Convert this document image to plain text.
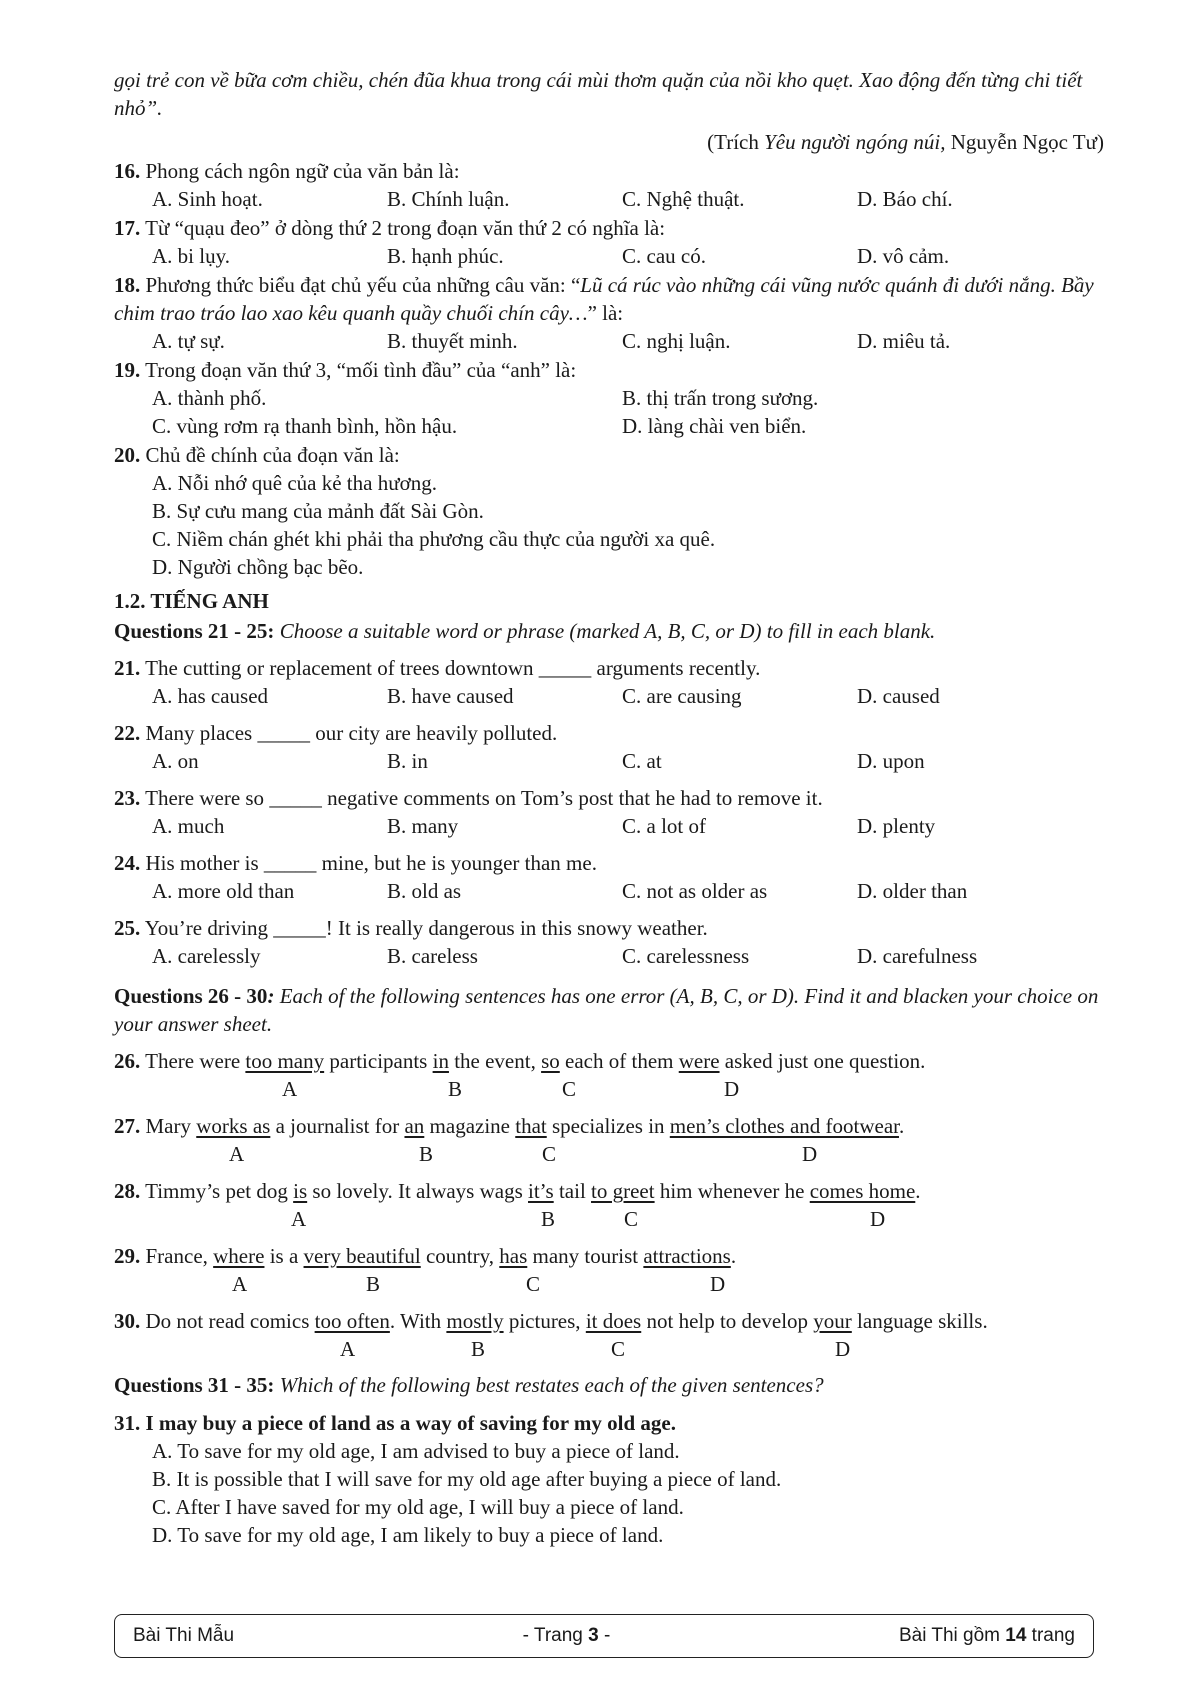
gọi trẻ con về bữa cơm chiều, chén đũa khua trong cái mùi thơm quặn của nồi kho quẹt. Xao động đến từng chi tiết nhỏ”.

(Trích Yêu người ngóng núi, Nguyễn Ngọc Tư)

16. Phong cách ngôn ngữ của văn bản là:
A. Sinh hoạt.	B. Chính luận.	C. Nghệ thuật.	D. Báo chí.
17. Từ “quạu đeo” ở dòng thứ 2 trong đoạn văn thứ 2 có nghĩa là:
A. bi lụy.	B. hạnh phúc.	C. cau có.	D. vô cảm.
18. Phương thức biểu đạt chủ yếu của những câu văn: “Lũ cá rúc vào những cái vũng nước quánh đi dưới nắng. Bầy chim trao tráo lao xao kêu quanh quầy chuối chín cây…” là:
A. tự sự.	B. thuyết minh.	C. nghị luận.	D. miêu tả.
19. Trong đoạn văn thứ 3, “mối tình đầu” của “anh” là:
A. thành phố.	B. thị trấn trong sương.
C. vùng rơm rạ thanh bình, hồn hậu.	D. làng chài ven biển.
20. Chủ đề chính của đoạn văn là:
A. Nỗi nhớ quê của kẻ tha hương.
B. Sự cưu mang của mảnh đất Sài Gòn.
C. Niềm chán ghét khi phải tha phương cầu thực của người xa quê.
D. Người chồng bạc bẽo.
1.2. TIẾNG ANH
Questions 21 - 25: Choose a suitable word or phrase (marked A, B, C, or D) to fill in each blank.
21. The cutting or replacement of trees downtown _____ arguments recently.
A. has caused	B. have caused	C. are causing	D. caused
22. Many places _____ our city are heavily polluted.
A. on	B. in	C. at	D. upon
23. There were so _____ negative comments on Tom’s post that he had to remove it.
A. much	B. many	C. a lot of	D. plenty
24. His mother is _____ mine, but he is younger than me.
A. more old than	B. old as	C. not as older as	D. older than
25. You’re driving _____! It is really dangerous in this snowy weather.
A. carelessly	B. careless	C. carelessness	D. carefulness
Questions 26 - 30: Each of the following sentences has one error (A, B, C, or D). Find it and blacken your choice on your answer sheet.
26. There were too many participants in the event, so each of them were asked just one question.
A	B	C	D
27. Mary works as a journalist for an magazine that specializes in men’s clothes and footwear.
A	B	C	D
28. Timmy’s pet dog is so lovely. It always wags it’s tail to greet him whenever he comes home.
A	B	C	D
29. France, where is a very beautiful country, has many tourist attractions.
A	B	C	D
30. Do not read comics too often. With mostly pictures, it does not help to develop your language skills.
A	B	C	D
Questions 31 - 35: Which of the following best restates each of the given sentences?
31. I may buy a piece of land as a way of saving for my old age.
A. To save for my old age, I am advised to buy a piece of land.
B. It is possible that I will save for my old age after buying a piece of land.
C. After I have saved for my old age, I will buy a piece of land.
D. To save for my old age, I am likely to buy a piece of land.
Bài Thi Mẫu	- Trang 3 -	Bài Thi gồm 14 trang
